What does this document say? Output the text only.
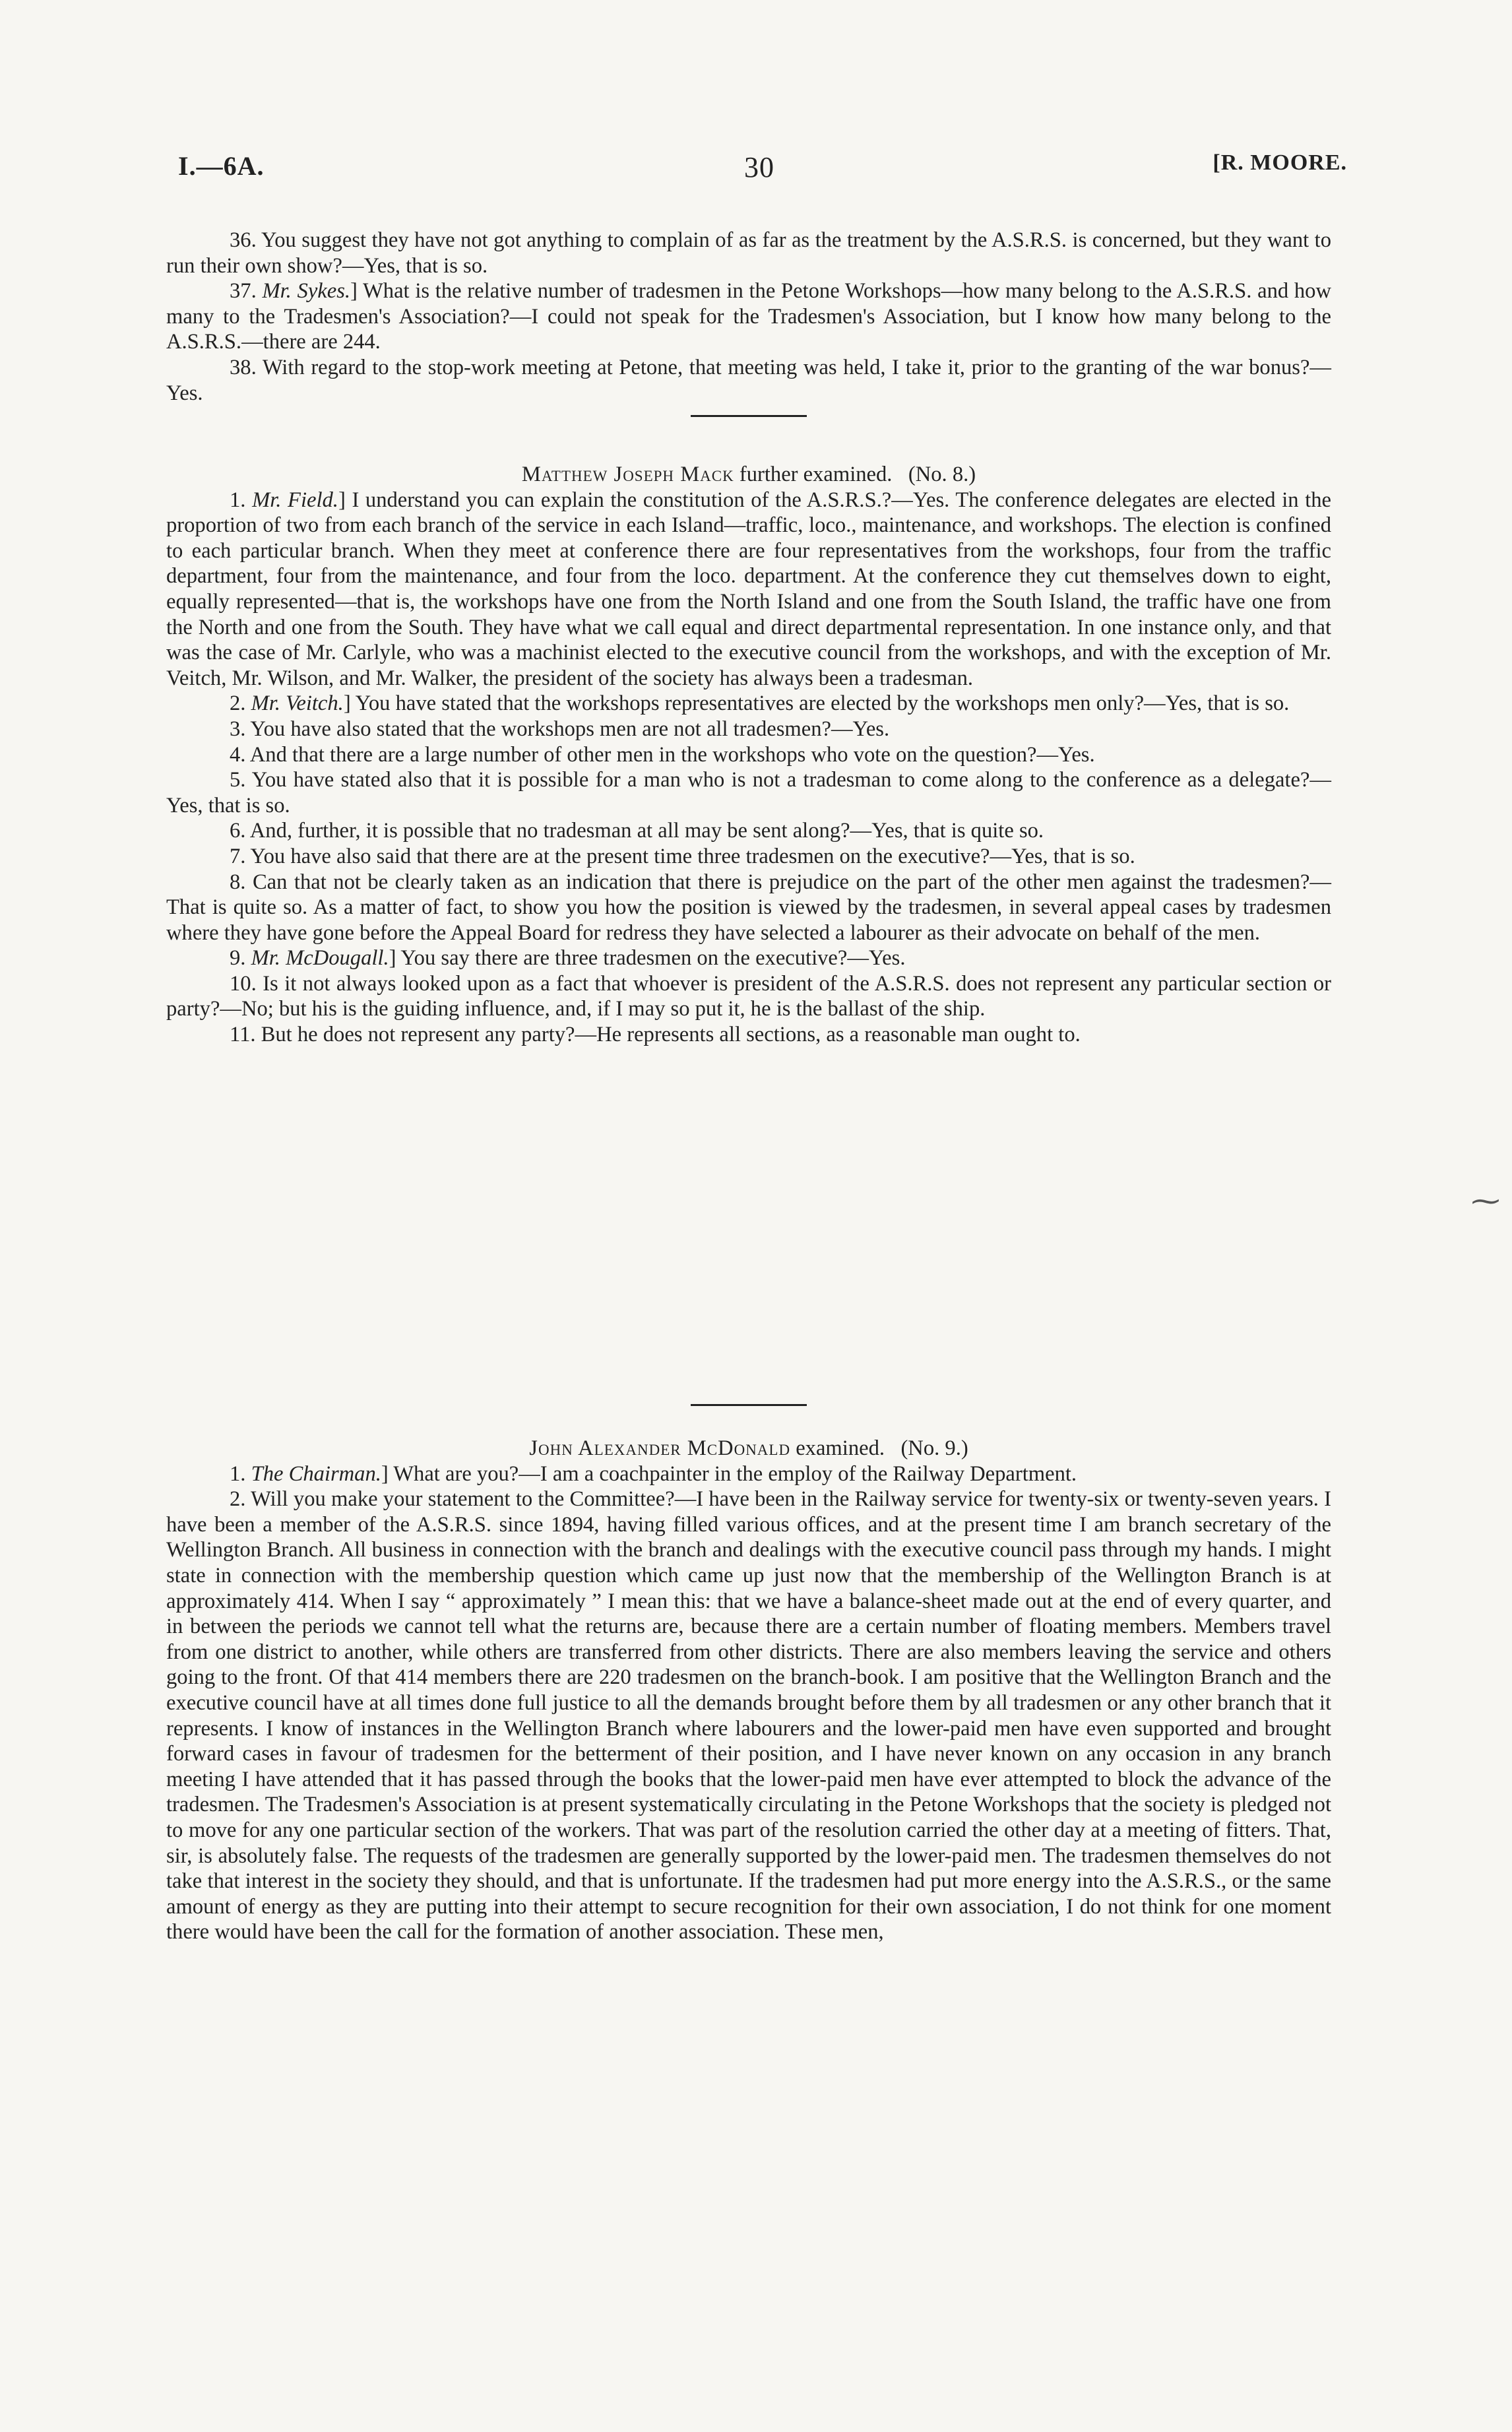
I.—6A.	30	[R. MOORE.

36. You suggest they have not got anything to complain of as far as the treatment by the A.S.R.S. is concerned, but they want to run their own show?—Yes, that is so.

37. Mr. Sykes.] What is the relative number of tradesmen in the Petone Workshops—how many belong to the A.S.R.S. and how many to the Tradesmen's Association?—I could not speak for the Tradesmen's Association, but I know how many belong to the A.S.R.S.—there are 244.

38. With regard to the stop-work meeting at Petone, that meeting was held, I take it, prior to the granting of the war bonus?—Yes.

Matthew Joseph Mack further examined. (No. 8.)

1. Mr. Field.] I understand you can explain the constitution of the A.S.R.S.?—Yes. The conference delegates are elected in the proportion of two from each branch of the service in each Island—traffic, loco., maintenance, and workshops. The election is confined to each particular branch. When they meet at conference there are four representatives from the workshops, four from the traffic department, four from the maintenance, and four from the loco. department. At the conference they cut themselves down to eight, equally represented—that is, the workshops have one from the North Island and one from the South Island, the traffic have one from the North and one from the South. They have what we call equal and direct departmental representation. In one instance only, and that was the case of Mr. Carlyle, who was a machinist elected to the executive council from the workshops, and with the exception of Mr. Veitch, Mr. Wilson, and Mr. Walker, the president of the society has always been a tradesman.

2. Mr. Veitch.] You have stated that the workshops representatives are elected by the workshops men only?—Yes, that is so.

3. You have also stated that the workshops men are not all tradesmen?—Yes.

4. And that there are a large number of other men in the workshops who vote on the question?—Yes.

5. You have stated also that it is possible for a man who is not a tradesman to come along to the conference as a delegate?—Yes, that is so.

6. And, further, it is possible that no tradesman at all may be sent along?—Yes, that is quite so.

7. You have also said that there are at the present time three tradesmen on the executive?—Yes, that is so.

8. Can that not be clearly taken as an indication that there is prejudice on the part of the other men against the tradesmen?—That is quite so. As a matter of fact, to show you how the position is viewed by the tradesmen, in several appeal cases by tradesmen where they have gone before the Appeal Board for redress they have selected a labourer as their advocate on behalf of the men.

9. Mr. McDougall.] You say there are three tradesmen on the executive?—Yes.

10. Is it not always looked upon as a fact that whoever is president of the A.S.R.S. does not represent any particular section or party?—No; but his is the guiding influence, and, if I may so put it, he is the ballast of the ship.

11. But he does not represent any party?—He represents all sections, as a reasonable man ought to.

John Alexander McDonald examined. (No. 9.)

1. The Chairman.] What are you?—I am a coachpainter in the employ of the Railway Department.

2. Will you make your statement to the Committee?—I have been in the Railway service for twenty-six or twenty-seven years. I have been a member of the A.S.R.S. since 1894, having filled various offices, and at the present time I am branch secretary of the Wellington Branch. All business in connection with the branch and dealings with the executive council pass through my hands. I might state in connection with the membership question which came up just now that the membership of the Wellington Branch is at approximately 414. When I say “ approximately ” I mean this: that we have a balance-sheet made out at the end of every quarter, and in between the periods we cannot tell what the returns are, because there are a certain number of floating members. Members travel from one district to another, while others are transferred from other districts. There are also members leaving the service and others going to the front. Of that 414 members there are 220 tradesmen on the branch-book. I am positive that the Wellington Branch and the executive council have at all times done full justice to all the demands brought before them by all tradesmen or any other branch that it represents. I know of instances in the Wellington Branch where labourers and the lower-paid men have even supported and brought forward cases in favour of tradesmen for the betterment of their position, and I have never known on any occasion in any branch meeting I have attended that it has passed through the books that the lower-paid men have ever attempted to block the advance of the tradesmen. The Tradesmen's Association is at present systematically circulating in the Petone Workshops that the society is pledged not to move for any one particular section of the workers. That was part of the resolution carried the other day at a meeting of fitters. That, sir, is absolutely false. The requests of the tradesmen are generally supported by the lower-paid men. The tradesmen themselves do not take that interest in the society they should, and that is unfortunate. If the tradesmen had put more energy into the A.S.R.S., or the same amount of energy as they are putting into their attempt to secure recognition for their own association, I do not think for one moment there would have been the call for the formation of another association. These men,

⁓
